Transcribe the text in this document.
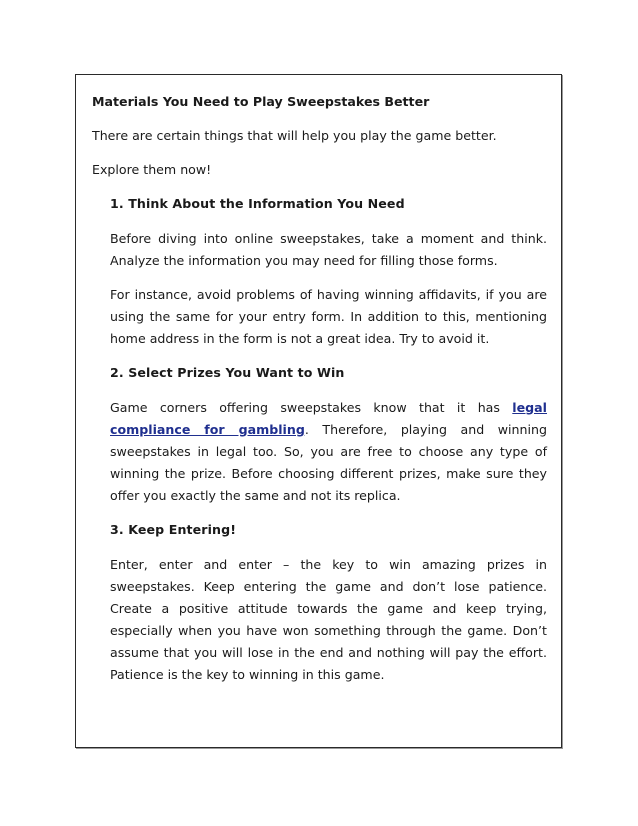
Materials You Need to Play Sweepstakes Better

There are certain things that will help you play the game better.

Explore them now!

1. Think About the Information You Need

Before diving into online sweepstakes, take a moment and think. Analyze the information you may need for filling those forms.

For instance, avoid problems of having winning affidavits, if you are using the same for your entry form. In addition to this, mentioning home address in the form is not a great idea. Try to avoid it.

2. Select Prizes You Want to Win

Game corners offering sweepstakes know that it has legal compliance for gambling. Therefore, playing and winning sweepstakes in legal too. So, you are free to choose any type of winning the prize. Before choosing different prizes, make sure they offer you exactly the same and not its replica.

3. Keep Entering!

Enter, enter and enter – the key to win amazing prizes in sweepstakes. Keep entering the game and don’t lose patience. Create a positive attitude towards the game and keep trying, especially when you have won something through the game. Don’t assume that you will lose in the end and nothing will pay the effort. Patience is the key to winning in this game.
